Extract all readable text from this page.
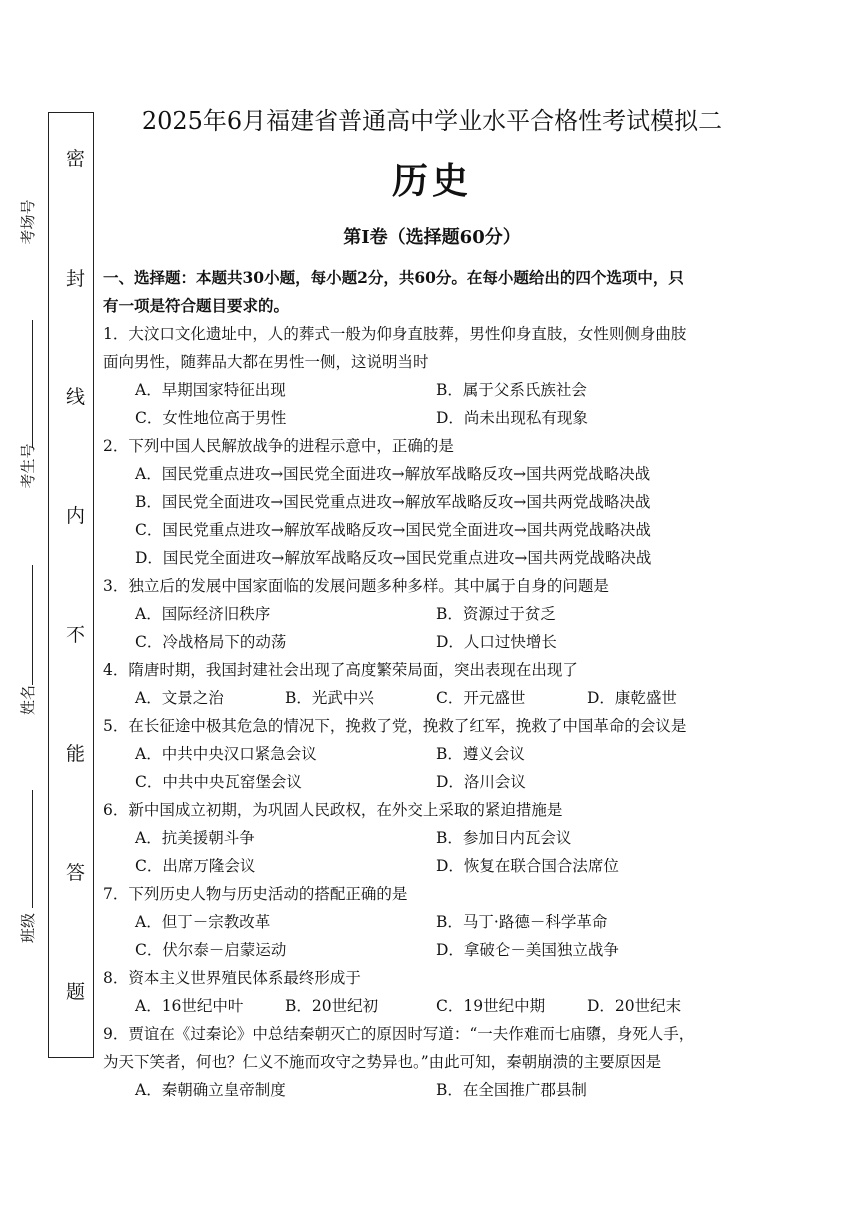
密
封
线
内
不
能
答
题
考场号
考生号
姓名
班级
2025年6月福建省普通高中学业水平合格性考试模拟二
历史
第Ⅰ卷（选择题60分）
一、选择题：本题共30小题，每小题2分，共60分。在每小题给出的四个选项中，只
有一项是符合题目要求的。
1．大汶口文化遗址中，人的葬式一般为仰身直肢葬，男性仰身直肢，女性则侧身曲肢
面向男性，随葬品大都在男性一侧，这说明当时
A．早期国家特征出现	B．属于父系氏族社会
C．女性地位高于男性	D．尚未出现私有现象
2．下列中国人民解放战争的进程示意中，正确的是
A．国民党重点进攻→国民党全面进攻→解放军战略反攻→国共两党战略决战
B．国民党全面进攻→国民党重点进攻→解放军战略反攻→国共两党战略决战
C．国民党重点进攻→解放军战略反攻→国民党全面进攻→国共两党战略决战
D．国民党全面进攻→解放军战略反攻→国民党重点进攻→国共两党战略决战
3．独立后的发展中国家面临的发展问题多种多样。其中属于自身的问题是
A．国际经济旧秩序	B．资源过于贫乏
C．冷战格局下的动荡	D．人口过快增长
4．隋唐时期，我国封建社会出现了高度繁荣局面，突出表现在出现了
A．文景之治	B．光武中兴	C．开元盛世	D．康乾盛世
5．在长征途中极其危急的情况下，挽救了党，挽救了红军，挽救了中国革命的会议是
A．中共中央汉口紧急会议	B．遵义会议
C．中共中央瓦窑堡会议	D．洛川会议
6．新中国成立初期，为巩固人民政权，在外交上采取的紧迫措施是
A．抗美援朝斗争	B．参加日内瓦会议
C．出席万隆会议	D．恢复在联合国合法席位
7．下列历史人物与历史活动的搭配正确的是
A．但丁－宗教改革	B．马丁·路德－科学革命
C．伏尔泰－启蒙运动	D．拿破仑－美国独立战争
8．资本主义世界殖民体系最终形成于
A．16世纪中叶	B．20世纪初	C．19世纪中期	D．20世纪末
9．贾谊在《过秦论》中总结秦朝灭亡的原因时写道：“一夫作难而七庙隳，身死人手，
为天下笑者，何也？仁义不施而攻守之势异也。”由此可知，秦朝崩溃的主要原因是
A．秦朝确立皇帝制度	B．在全国推广郡县制
